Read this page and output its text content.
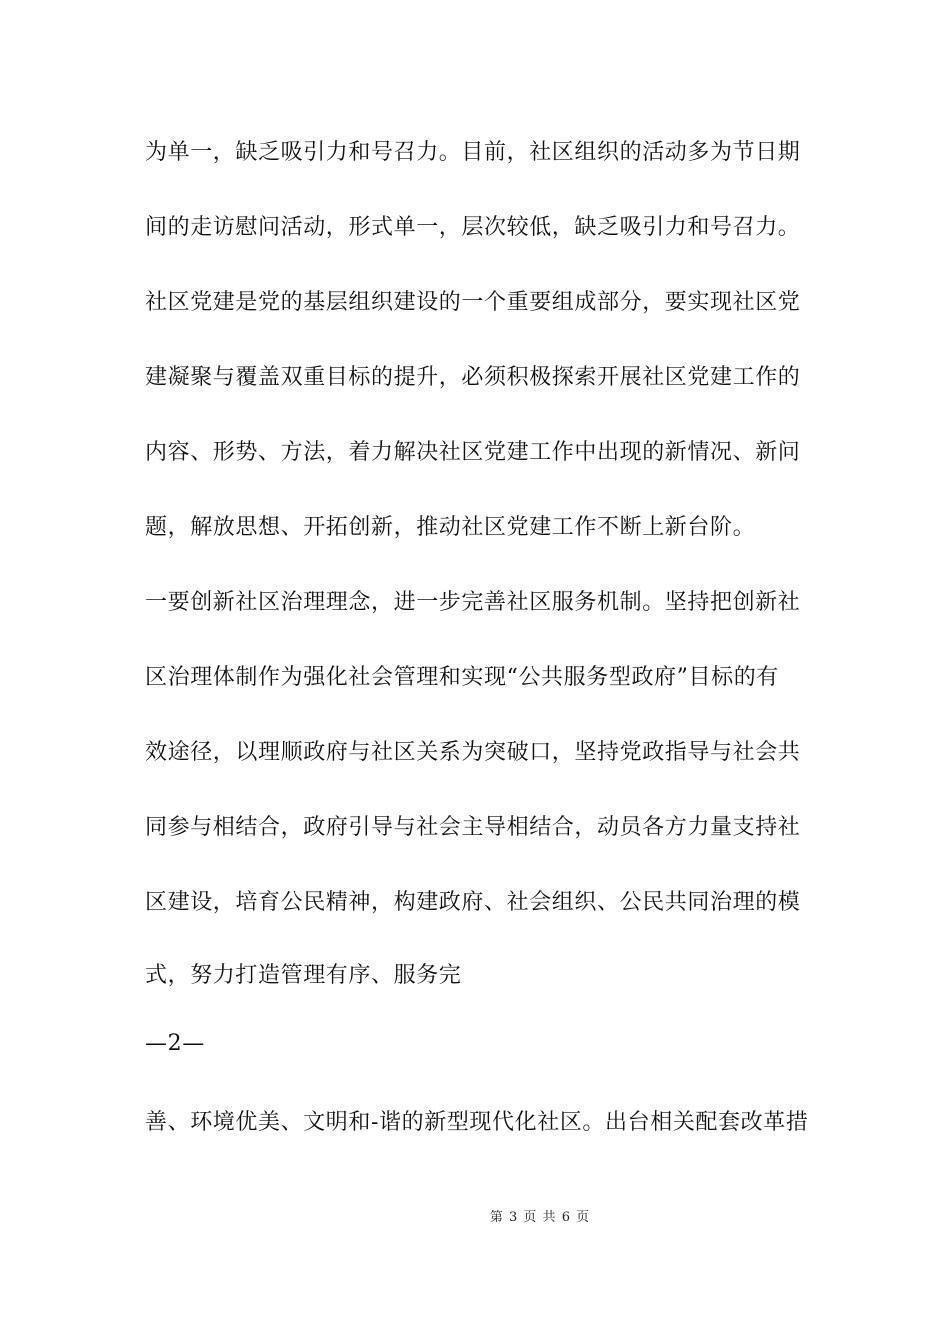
为单一，缺乏吸引力和号召力。目前，社区组织的活动多为节日期
间的走访慰问活动，形式单一，层次较低，缺乏吸引力和号召力。
社区党建是党的基层组织建设的一个重要组成部分，要实现社区党
建凝聚与覆盖双重目标的提升，必须积极探索开展社区党建工作的
内容、形势、方法，着力解决社区党建工作中出现的新情况、新问
题，解放思想、开拓创新，推动社区党建工作不断上新台阶。
一要创新社区治理理念，进一步完善社区服务机制。坚持把创新社
区治理体制作为强化社会管理和实现“公共服务型政府”目标的有
效途径，以理顺政府与社区关系为突破口，坚持党政指导与社会共
同参与相结合，政府引导与社会主导相结合，动员各方力量支持社
区建设，培育公民精神，构建政府、社会组织、公民共同治理的模
式，努力打造管理有序、服务完
—2—
善、环境优美、文明和-谐的新型现代化社区。出台相关配套改革措
第 3 页 共 6 页
